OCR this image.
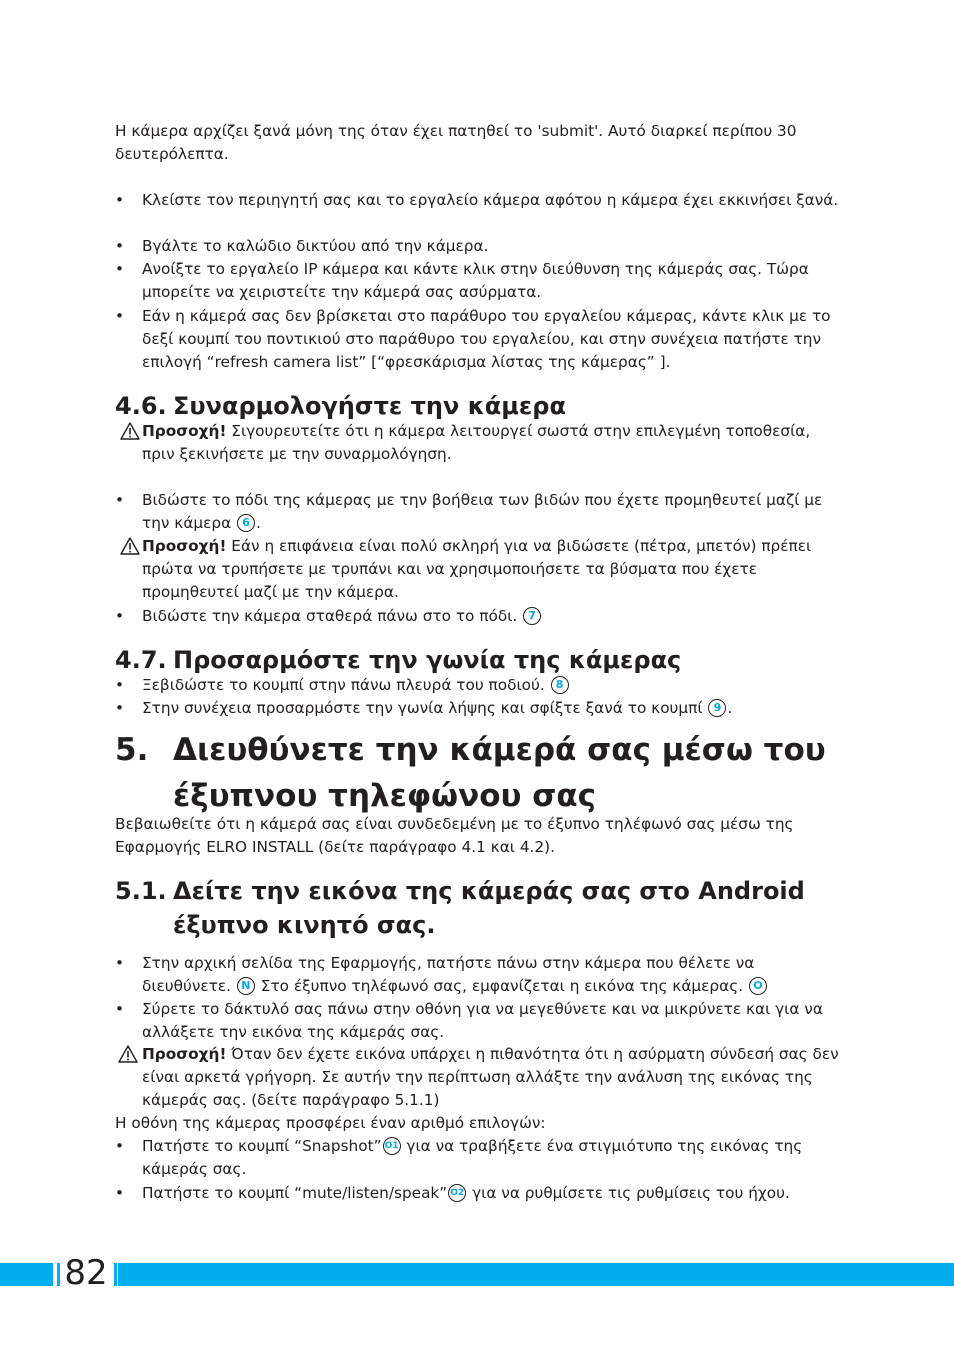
Η κάμερα αρχίζει ξανά μόνη της όταν έχει πατηθεί το 'submit'. Αυτό διαρκεί περίπου 30 δευτερόλεπτα.

• Κλείστε τον περιηγητή σας και το εργαλείο κάμερα αφότου η κάμερα έχει εκκινήσει ξανά.
• Βγάλτε το καλώδιο δικτύου από την κάμερα.
• Ανοίξτε το εργαλείο IP κάμερα και κάντε κλικ στην διεύθυνση της κάμεράς σας. Τώρα μπορείτε να χειριστείτε την κάμερά σας ασύρματα.
• Εάν η κάμερά σας δεν βρίσκεται στο παράθυρο του εργαλείου κάμερας, κάντε κλικ με το δεξί κουμπί του ποντικιού στο παράθυρο του εργαλείου, και στην συνέχεια πατήστε την επιλογή “refresh camera list” [“φρεσκάρισμα λίστας της κάμερας” ].
4.6. Συναρμολογήστε την κάμερα
Προσοχή! Σιγουρευτείτε ότι η κάμερα λειτουργεί σωστά στην επιλεγμένη τοποθεσία, πριν ξεκινήσετε με την συναρμολόγηση.
• Βιδώστε το πόδι της κάμερας με την βοήθεια των βιδών που έχετε προμηθευτεί μαζί με την κάμερα 6 .
Προσοχή! Εάν η επιφάνεια είναι πολύ σκληρή για να βιδώσετε (πέτρα, μπετόν) πρέπει πρώτα να τρυπήσετε με τρυπάνι και να χρησιμοποιήσετε τα βύσματα που έχετε προμηθευτεί μαζί με την κάμερα.
• Βιδώστε την κάμερα σταθερά πάνω στο το πόδι. 7
4.7. Προσαρμόστε την γωνία της κάμερας
• Ξεβιδώστε το κουμπί στην πάνω πλευρά του ποδιού. 8
• Στην συνέχεια προσαρμόστε την γωνία λήψης και σφίξτε ξανά το κουμπί 9 .
5. Διευθύνετε την κάμερά σας μέσω του
έξυπνου τηλεφώνου σας

Βεβαιωθείτε ότι η κάμερά σας είναι συνδεδεμένη με το έξυπνο τηλέφωνό σας μέσω της Εφαρμογής ELRO INSTALL (δείτε παράγραφο 4.1 και 4.2).

5.1. Δείτε την εικόνα της κάμεράς σας στο Android
έξυπνο κινητό σας.
• Στην αρχική σελίδα της Εφαρμογής, πατήστε πάνω στην κάμερα που θέλετε να διευθύνετε. N Στο έξυπνο τηλέφωνό σας, εμφανίζεται η εικόνα της κάμερας. O
• Σύρετε το δάκτυλό σας πάνω στην οθόνη για να μεγεθύνετε και να μικρύνετε και για να αλλάξετε την εικόνα της κάμεράς σας.
Προσοχή! Όταν δεν έχετε εικόνα υπάρχει η πιθανότητα ότι η ασύρματη σύνδεσή σας δεν είναι αρκετά γρήγορη. Σε αυτήν την περίπτωση αλλάξτε την ανάλυση της εικόνας της κάμεράς σας. (δείτε παράγραφο 5.1.1)

Η οθόνη της κάμερας προσφέρει έναν αριθμό επιλογών:

• Πατήστε το κουμπί “Snapshot” O1 για να τραβήξετε ένα στιγμιότυπο της εικόνας της κάμεράς σας.
• Πατήστε το κουμπί “mute/listen/speak” O2 για να ρυθμίσετε τις ρυθμίσεις του ήχου.
82
